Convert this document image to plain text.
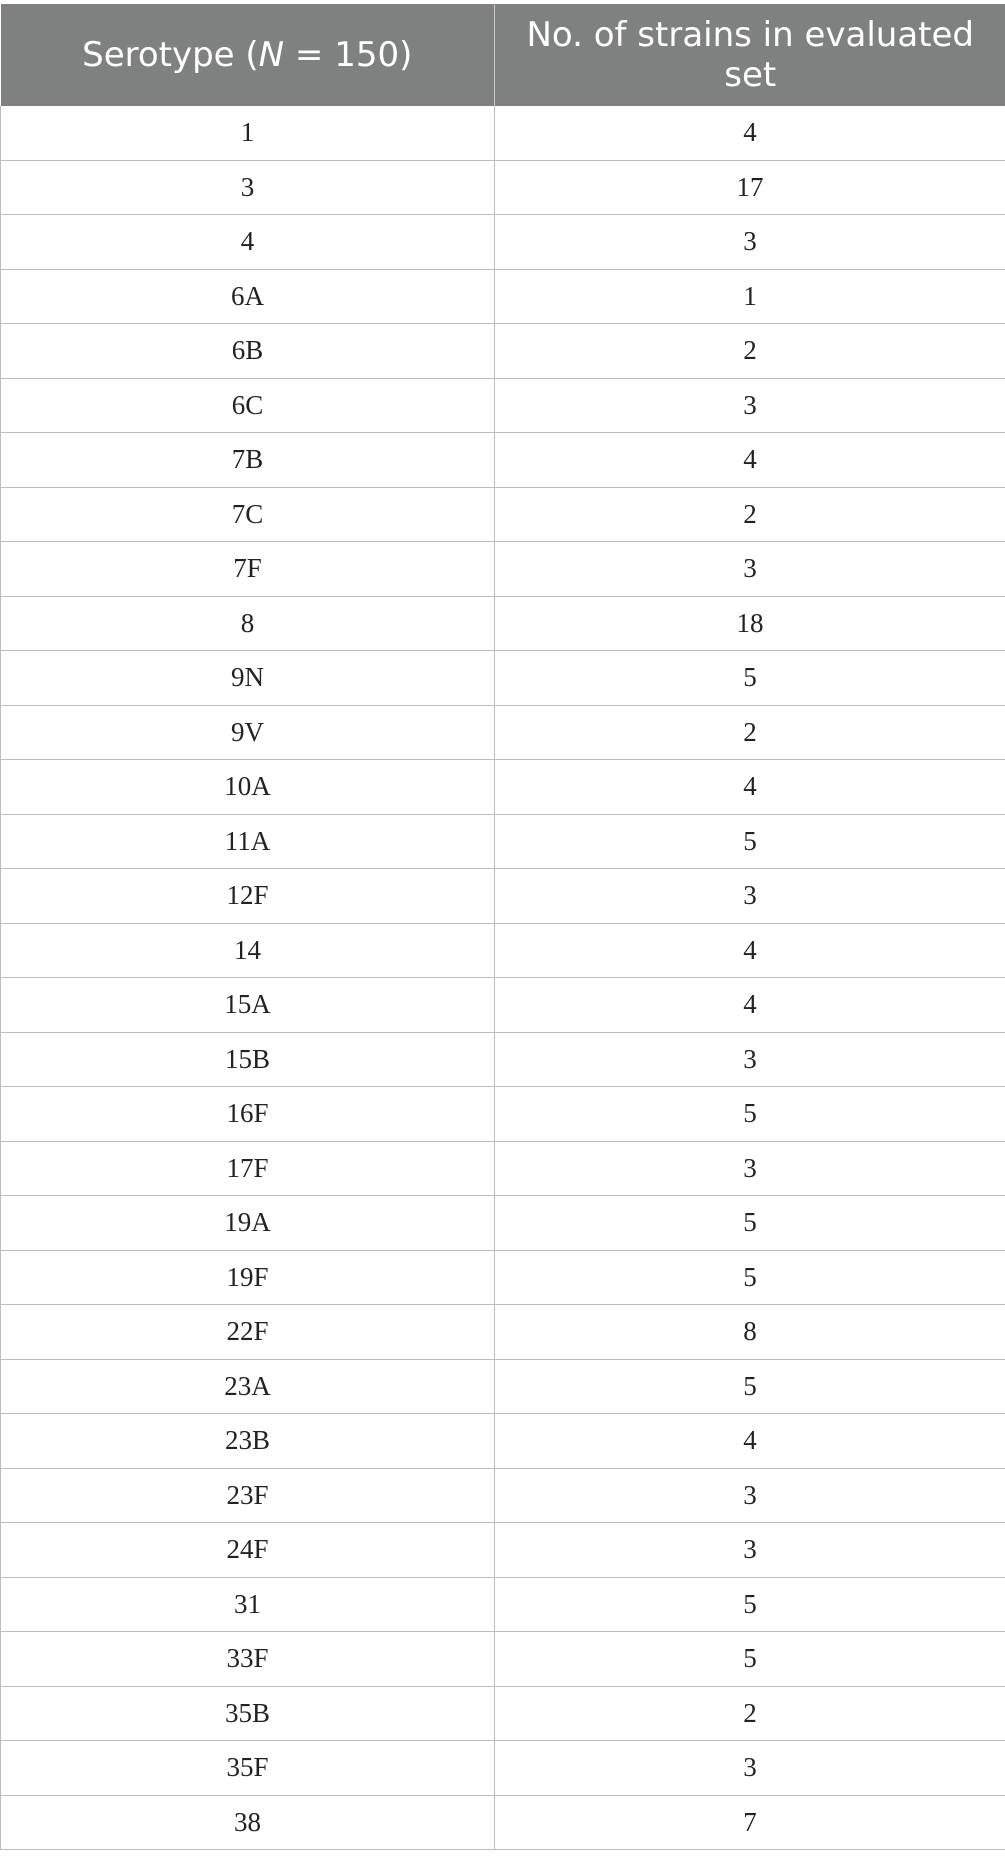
Serotype (N = 150)	No. of strains in evaluated set
1	4
3	17
4	3
6A	1
6B	2
6C	3
7B	4
7C	2
7F	3
8	18
9N	5
9V	2
10A	4
11A	5
12F	3
14	4
15A	4
15B	3
16F	5
17F	3
19A	5
19F	5
22F	8
23A	5
23B	4
23F	3
24F	3
31	5
33F	5
35B	2
35F	3
38	7
